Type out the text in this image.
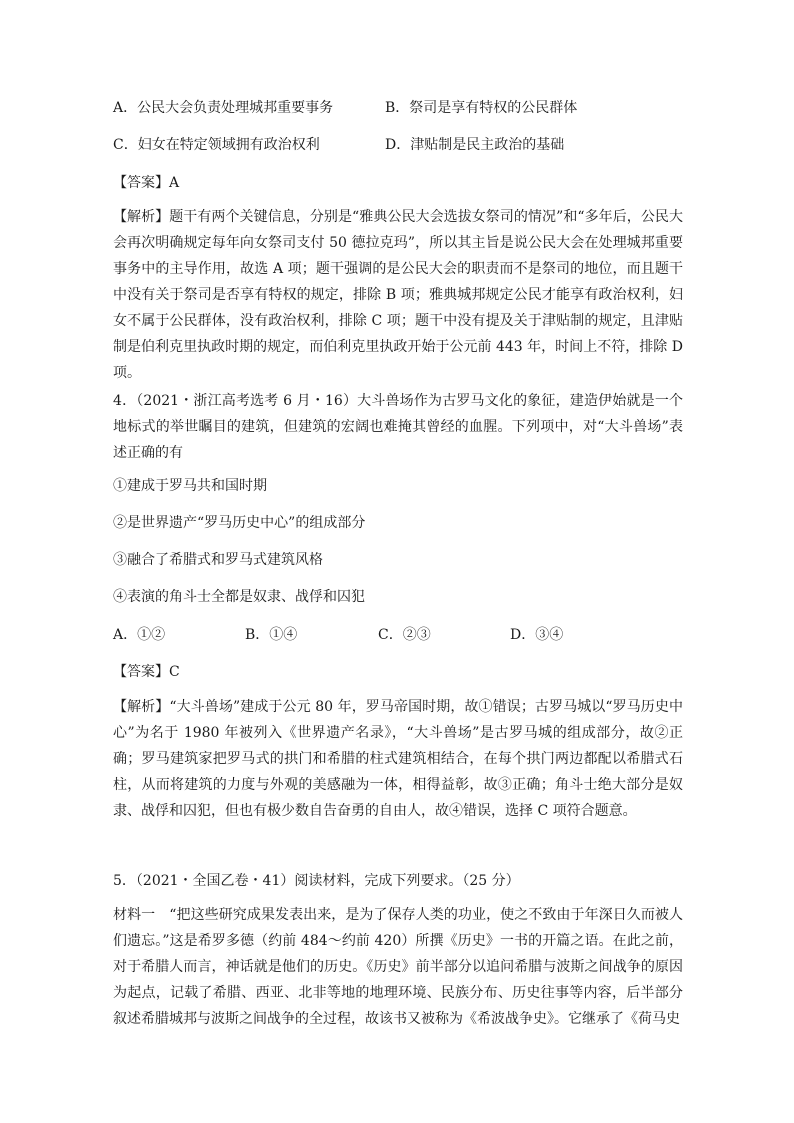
A．公民大会负责处理城邦重要事务	B．祭司是享有特权的公民群体
C．妇女在特定领域拥有政治权利	D．津贴制是民主政治的基础
【答案】A
【解析】题干有两个关键信息，分别是“雅典公民大会选拔女祭司的情况”和“多年后，公民大会再次明确规定每年向女祭司支付 50 德拉克玛”，所以其主旨是说公民大会在处理城邦重要事务中的主导作用，故选 A 项；题干强调的是公民大会的职责而不是祭司的地位，而且题干中没有关于祭司是否享有特权的规定，排除 B 项；雅典城邦规定公民才能享有政治权利，妇女不属于公民群体，没有政治权利，排除 C 项；题干中没有提及关于津贴制的规定，且津贴制是伯利克里执政时期的规定，而伯利克里执政开始于公元前 443 年，时间上不符，排除 D 项。
4．（2021・浙江高考选考 6 月・16）大斗兽场作为古罗马文化的象征，建造伊始就是一个地标式的举世瞩目的建筑，但建筑的宏阔也难掩其曾经的血腥。下列项中，对“大斗兽场”表述正确的有
①建成于罗马共和国时期
②是世界遗产“罗马历史中心”的组成部分
③融合了希腊式和罗马式建筑风格
④表演的角斗士全都是奴隶、战俘和囚犯
A．①②	B．①④	C．②③	D．③④
【答案】C
【解析】“大斗兽场”建成于公元 80 年，罗马帝国时期，故①错误；古罗马城以“罗马历史中心”为名于 1980 年被列入《世界遗产名录》，“大斗兽场”是古罗马城的组成部分，故②正确；罗马建筑家把罗马式的拱门和希腊的柱式建筑相结合，在每个拱门两边都配以希腊式石柱，从而将建筑的力度与外观的美感融为一体，相得益彰，故③正确；角斗士绝大部分是奴隶、战俘和囚犯，但也有极少数自告奋勇的自由人，故④错误，选择 C 项符合题意。
5．（2021・全国乙卷・41）阅读材料，完成下列要求。（25 分）
材料一　“把这些研究成果发表出来，是为了保存人类的功业，使之不致由于年深日久而被人们遗忘。”这是希罗多德（约前 484～约前 420）所撰《历史》一书的开篇之语。在此之前，对于希腊人而言，神话就是他们的历史。《历史》前半部分以追问希腊与波斯之间战争的原因为起点，记载了希腊、西亚、北非等地的地理环境、民族分布、历史往事等内容，后半部分叙述希腊城邦与波斯之间战争的全过程，故该书又被称为《希波战争史》。它继承了《荷马史
